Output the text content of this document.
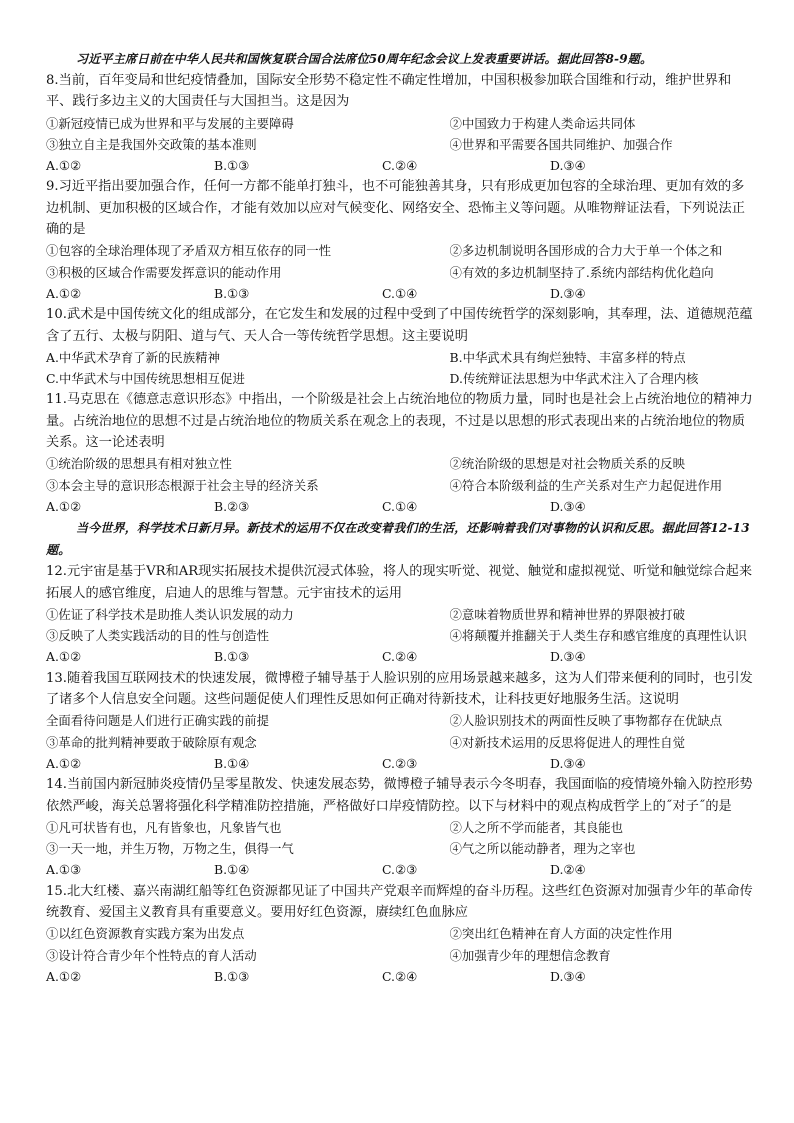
习近平主席日前在中华人民共和国恢复联合国合法席位50周年纪念会议上发表重要讲话。据此回答8-9题。

8.当前，百年变局和世纪疫情叠加，国际安全形势不稳定性不确定性增加，中国积极参加联合国维和行动，维护世界和平、践行多边主义的大国责任与大国担当。这是因为

①新冠疫情已成为世界和平与发展的主要障碍	②中国致力于构建人类命运共同体
③独立自主是我国外交政策的基本准则	④世界和平需要各国共同维护、加强合作
A.①②	B.①③	C.②④	D.③④

9.习近平指出要加强合作，任何一方都不能单打独斗，也不可能独善其身，只有形成更加包容的全球治理、更加有效的多边机制、更加积极的区域合作，才能有效加以应对气候变化、网络安全、恐怖主义等问题。从唯物辩证法看，下列说法正确的是

①包容的全球治理体现了矛盾双方相互依存的同一性	②多边机制说明各国形成的合力大于单一个体之和
③积极的区域合作需要发挥意识的能动作用	④有效的多边机制坚持了.系统内部结构优化趋向
A.①②	B.①③	C.①④	D.③④

10.武术是中国传统文化的组成部分，在它发生和发展的过程中受到了中国传统哲学的深刻影响，其奉理，法、道德规范蕴含了五行、太极与阴阳、道与气、天人合一等传统哲学思想。这主要说明

A.中华武术孕育了新的民族精神	B.中华武术具有绚烂独特、丰富多样的特点
C.中华武术与中国传统思想相互促进	D.传统辩证法思想为中华武术注入了合理内核

11.马克思在《德意志意识形态》中指出，一个阶级是社会上占统治地位的物质力量，同时也是社会上占统治地位的精神力量。占统治地位的思想不过是占统治地位的物质关系在观念上的表现，不过是以思想的形式表现出来的占统治地位的物质关系。这一论述表明

①统治阶级的思想具有相对独立性	②统治阶级的思想是对社会物质关系的反映
③本会主导的意识形态根源于社会主导的经济关系	④符合本阶级利益的生产关系对生产力起促进作用
A.①②	B.②③	C.①④	D.③④

当今世界，科学技术日新月异。新技术的运用不仅在改变着我们的生活，还影响着我们对事物的认识和反思。据此回答12-13题。

12.元宇宙是基于VR和AR现实拓展技术提供沉浸式体验，将人的现实听觉、视觉、触觉和虚拟视觉、听觉和触觉综合起来拓展人的感官维度，启迪人的思维与智慧。元宇宙技术的运用

①佐证了科学技术是助推人类认识发展的动力	②意味着物质世界和精神世界的界限被打破
③反映了人类实践活动的目的性与创造性	④将颠覆并推翻关于人类生存和感官维度的真理性认识
A.①②	B.①③	C.②④	D.③④

13.随着我国互联网技术的快速发展，微博橙子辅导基于人脸识别的应用场景越来越多，这为人们带来便利的同时，也引发了诸多个人信息安全问题。这些问题促使人们理性反思如何正确对待新技术，让科技更好地服务生活。这说明

全面看待问题是人们进行正确实践的前提	②人脸识别技术的两面性反映了事物都存在优缺点
③革命的批判精神要敢于破除原有观念	④对新技术运用的反思将促进人的理性自觉
A.①②	B.①④	C.②③	D.③④

14.当前国内新冠肺炎疫情仍呈零星散发、快速发展态势，微博橙子辅导表示今冬明春，我国面临的疫情境外输入防控形势依然严峻，海关总署将强化科学精准防控措施，严格做好口岸疫情防控。以下与材料中的观点构成哲学上的˝对子˝的是

①凡可状皆有也，凡有皆象也，凡象皆气也	②人之所不学而能者，其良能也
③一天一地，并生万物，万物之生，俱得一气	④气之所以能动静者，理为之宰也
A.①③	B.①④	C.②③	D.②④

15.北大红楼、嘉兴南湖红船等红色资源都见证了中国共产党艰辛而辉煌的奋斗历程。这些红色资源对加强青少年的革命传统教育、爱国主义教育具有重要意义。要用好红色资源，赓续红色血脉应

①以红色资源教育实践方案为出发点	②突出红色精神在育人方面的决定性作用
③设计符合青少年个性特点的育人活动	④加强青少年的理想信念教育
A.①②	B.①③	C.②④	D.③④
